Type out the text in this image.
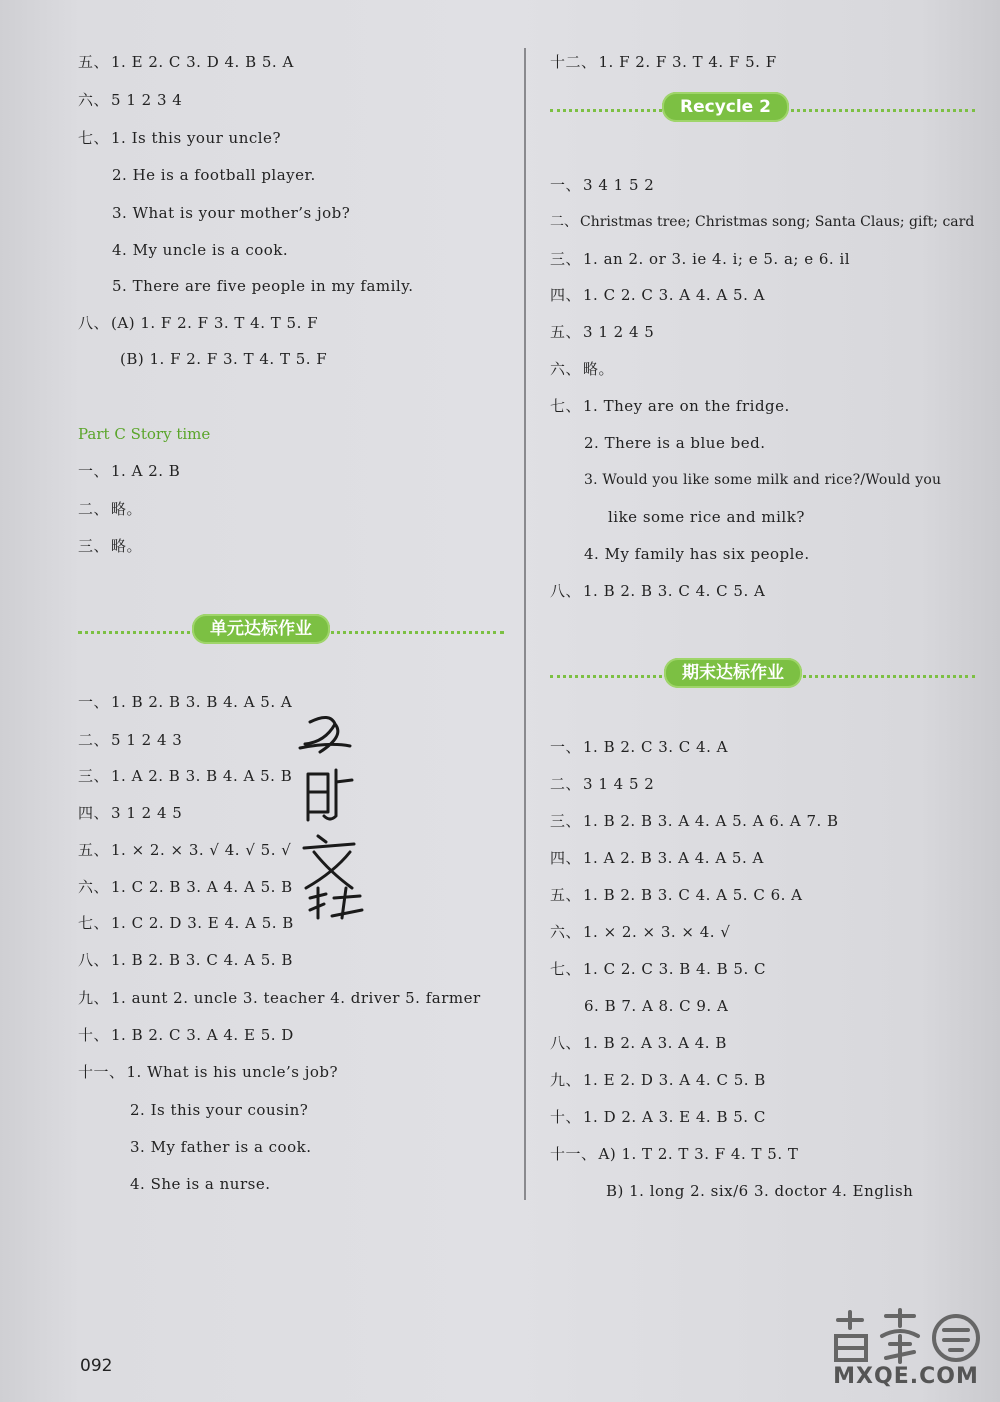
五、 1. E 2. C 3. D 4. B 5. A
六、 5 1 2 3 4
七、 1. Is this your uncle?
2. He is a football player.
3. What is your mother’s job?
4. My uncle is a cook.
5. There are five people in my family.
八、 (A) 1. F 2. F 3. T 4. T 5. F
(B) 1. F 2. F 3. T 4. T 5. F
Part C Story time
一、 1. A 2. B
二、 略。
三、 略。
单元达标作业
一、 1. B 2. B 3. B 4. A 5. A
二、 5 1 2 4 3
三、 1. A 2. B 3. B 4. A 5. B
四、 3 1 2 4 5
五、 1. × 2. × 3. √ 4. √ 5. √
六、 1. C 2. B 3. A 4. A 5. B
七、 1. C 2. D 3. E 4. A 5. B
八、 1. B 2. B 3. C 4. A 5. B
九、 1. aunt 2. uncle 3. teacher 4. driver 5. farmer
十、 1. B 2. C 3. A 4. E 5. D
十一、 1. What is his uncle’s job?
2. Is this your cousin?
3. My father is a cook.
4. She is a nurse.
十二、 1. F 2. F 3. T 4. F 5. F
Recycle 2
一、 3 4 1 5 2
二、 Christmas tree; Christmas song; Santa Claus; gift; card
三、 1. an 2. or 3. ie 4. i; e 5. a; e 6. il
四、 1. C 2. C 3. A 4. A 5. A
五、 3 1 2 4 5
六、 略。
七、 1. They are on the fridge.
2. There is a blue bed.
3. Would you like some milk and rice?/Would you
like some rice and milk?
4. My family has six people.
八、 1. B 2. B 3. C 4. C 5. A
期末达标作业
一、 1. B 2. C 3. C 4. A
二、 3 1 4 5 2
三、 1. B 2. B 3. A 4. A 5. A 6. A 7. B
四、 1. A 2. B 3. A 4. A 5. A
五、 1. B 2. B 3. C 4. A 5. C 6. A
六、 1. × 2. × 3. × 4. √
七、 1. C 2. C 3. B 4. B 5. C
6. B 7. A 8. C 9. A
八、 1. B 2. A 3. A 4. B
九、 1. E 2. D 3. A 4. C 5. B
十、 1. D 2. A 3. E 4. B 5. C
十一、 A) 1. T 2. T 3. F 4. T 5. T
B) 1. long 2. six/6 3. doctor 4. English
092	MXQE.COM
